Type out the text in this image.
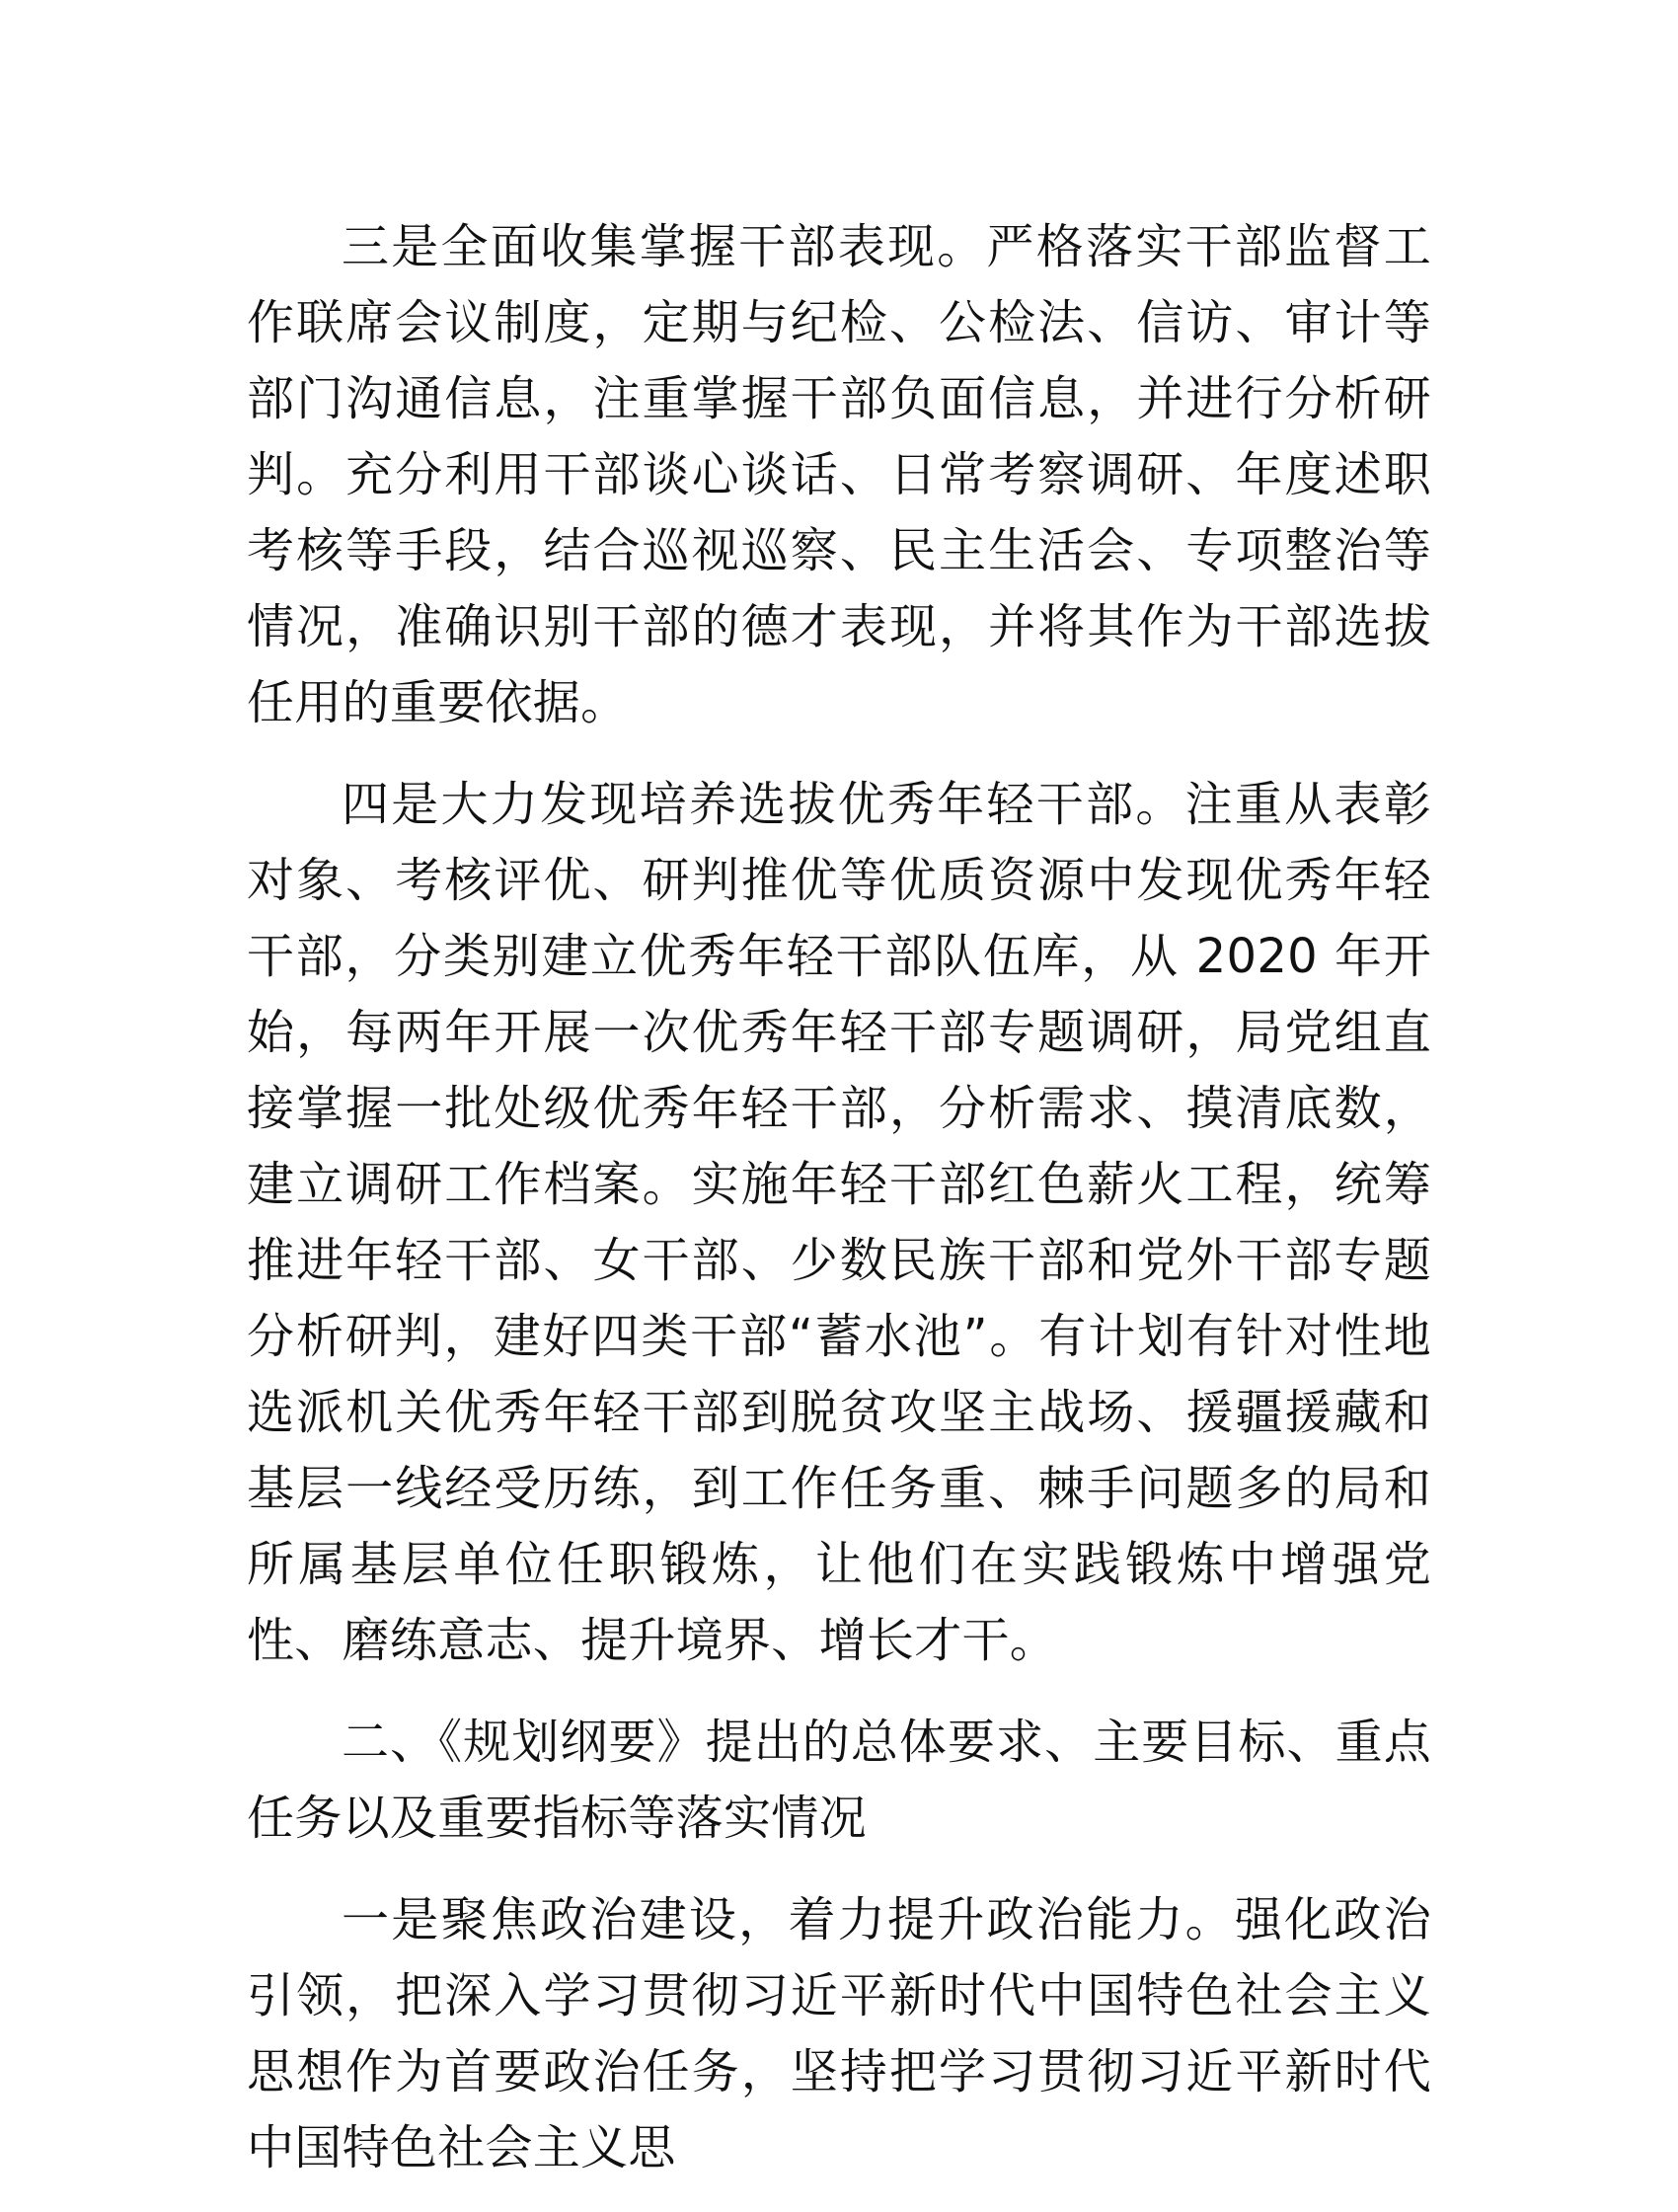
三是全面收集掌握干部表现。严格落实干部监督工作联席会议制度，定期与纪检、公检法、信访、审计等部门沟通信息，注重掌握干部负面信息，并进行分析研判。充分利用干部谈心谈话、日常考察调研、年度述职考核等手段，结合巡视巡察、民主生活会、专项整治等情况，准确识别干部的德才表现，并将其作为干部选拔任用的重要依据。

四是大力发现培养选拔优秀年轻干部。注重从表彰对象、考核评优、研判推优等优质资源中发现优秀年轻干部，分类别建立优秀年轻干部队伍库，从 2020 年开始，每两年开展一次优秀年轻干部专题调研，局党组直接掌握一批处级优秀年轻干部，分析需求、摸清底数，建立调研工作档案。实施年轻干部红色薪火工程，统筹推进年轻干部、女干部、少数民族干部和党外干部专题分析研判，建好四类干部“蓄水池”。有计划有针对性地选派机关优秀年轻干部到脱贫攻坚主战场、援疆援藏和基层一线经受历练，到工作任务重、棘手问题多的局和所属基层单位任职锻炼，让他们在实践锻炼中增强党性、磨练意志、提升境界、增长才干。

二、《规划纲要》提出的总体要求、主要目标、重点任务以及重要指标等落实情况

一是聚焦政治建设，着力提升政治能力。强化政治引领，把深入学习贯彻习近平新时代中国特色社会主义思想作为首要政治任务，坚持把学习贯彻习近平新时代中国特色社会主义思
